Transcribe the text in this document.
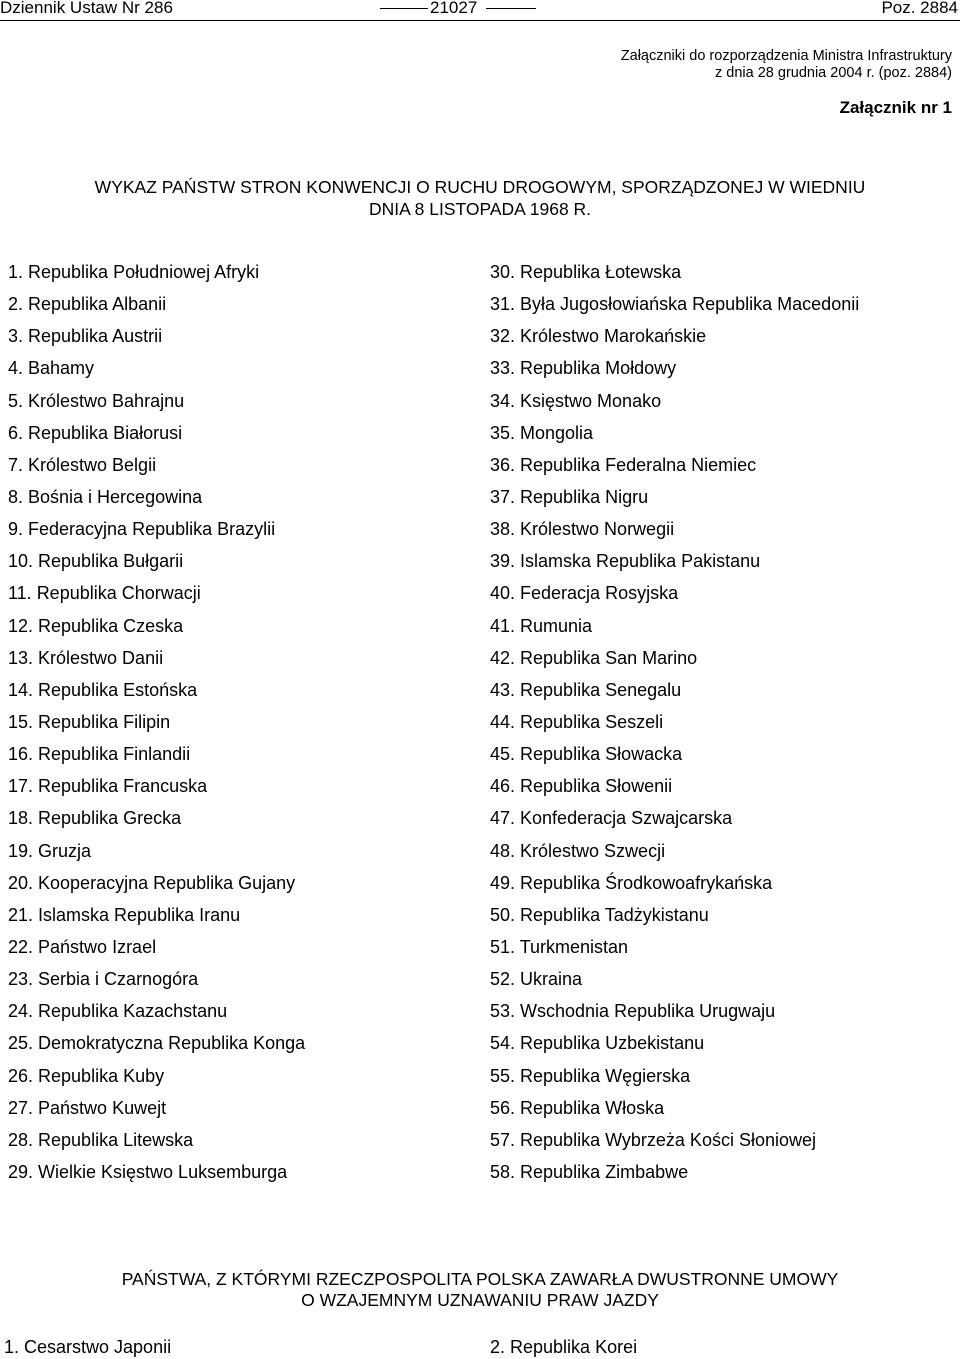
Dziennik Ustaw Nr 286	21027	Poz. 2884
Załączniki do rozporządzenia Ministra Infrastruktury
z dnia 28 grudnia 2004 r. (poz. 2884)
Załącznik nr 1
WYKAZ PAŃSTW STRON KONWENCJI O RUCHU DROGOWYM, SPORZĄDZONEJ W WIEDNIU
DNIA 8 LISTOPADA 1968 R.
1. Republika Południowej Afryki
2. Republika Albanii
3. Republika Austrii
4. Bahamy
5. Królestwo Bahrajnu
6. Republika Białorusi
7. Królestwo Belgii
8. Bośnia i Hercegowina
9. Federacyjna Republika Brazylii
10. Republika Bułgarii
11. Republika Chorwacji
12. Republika Czeska
13. Królestwo Danii
14. Republika Estońska
15. Republika Filipin
16. Republika Finlandii
17. Republika Francuska
18. Republika Grecka
19. Gruzja
20. Kooperacyjna Republika Gujany
21. Islamska Republika Iranu
22. Państwo Izrael
23. Serbia i Czarnogóra
24. Republika Kazachstanu
25. Demokratyczna Republika Konga
26. Republika Kuby
27. Państwo Kuwejt
28. Republika Litewska
29. Wielkie Księstwo Luksemburga
30. Republika Łotewska
31. Była Jugosłowiańska Republika Macedonii
32. Królestwo Marokańskie
33. Republika Mołdowy
34. Księstwo Monako
35. Mongolia
36. Republika Federalna Niemiec
37. Republika Nigru
38. Królestwo Norwegii
39. Islamska Republika Pakistanu
40. Federacja Rosyjska
41. Rumunia
42. Republika San Marino
43. Republika Senegalu
44. Republika Seszeli
45. Republika Słowacka
46. Republika Słowenii
47. Konfederacja Szwajcarska
48. Królestwo Szwecji
49. Republika Środkowoafrykańska
50. Republika Tadżykistanu
51. Turkmenistan
52. Ukraina
53. Wschodnia Republika Urugwaju
54. Republika Uzbekistanu
55. Republika Węgierska
56. Republika Włoska
57. Republika Wybrzeża Kości Słoniowej
58. Republika Zimbabwe
PAŃSTWA, Z KTÓRYMI RZECZPOSPOLITA POLSKA ZAWARŁA DWUSTRONNE UMOWY
O WZAJEMNYM UZNAWANIU PRAW JAZDY
1. Cesarstwo Japonii	2. Republika Korei
